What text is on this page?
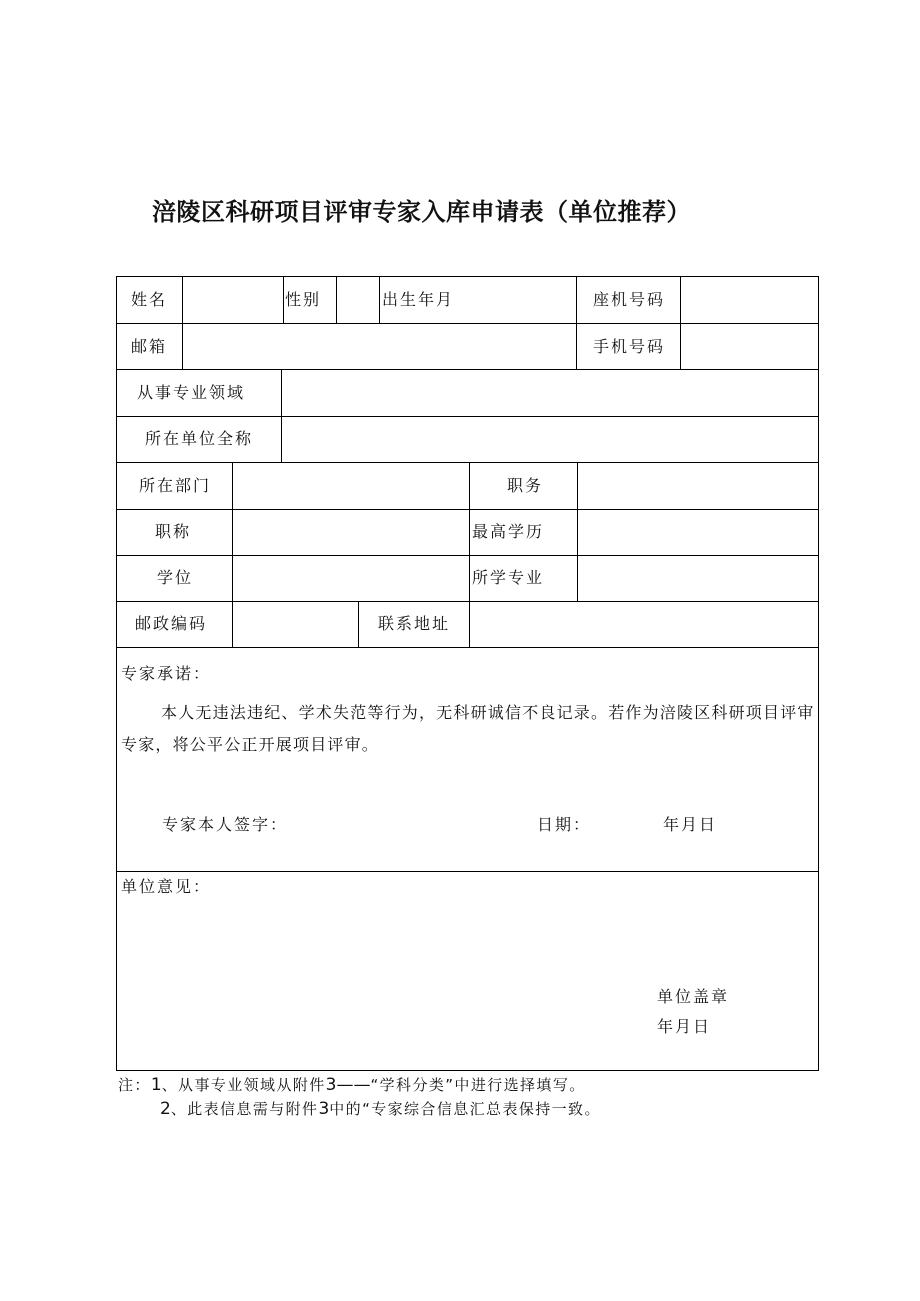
涪陵区科研项目评审专家入库申请表（单位推荐）
姓名	性别	出生年月	座机号码
邮箱	手机号码
从事专业领域
所在单位全称
所在部门	职务
职称	最高学历
学位	所学专业
邮政编码	联系地址
专家承诺：
本人无违法违纪、学术失范等行为，无科研诚信不良记录。若作为涪陵区科研项目评审专家，将公平公正开展项目评审。
专家本人签字：	日期：	年月日
单位意见：
单位盖章
年月日
注：1、从事专业领域从附件3——“学科分类”中进行选择填写。
2、此表信息需与附件3中的“专家综合信息汇总表保持一致。
